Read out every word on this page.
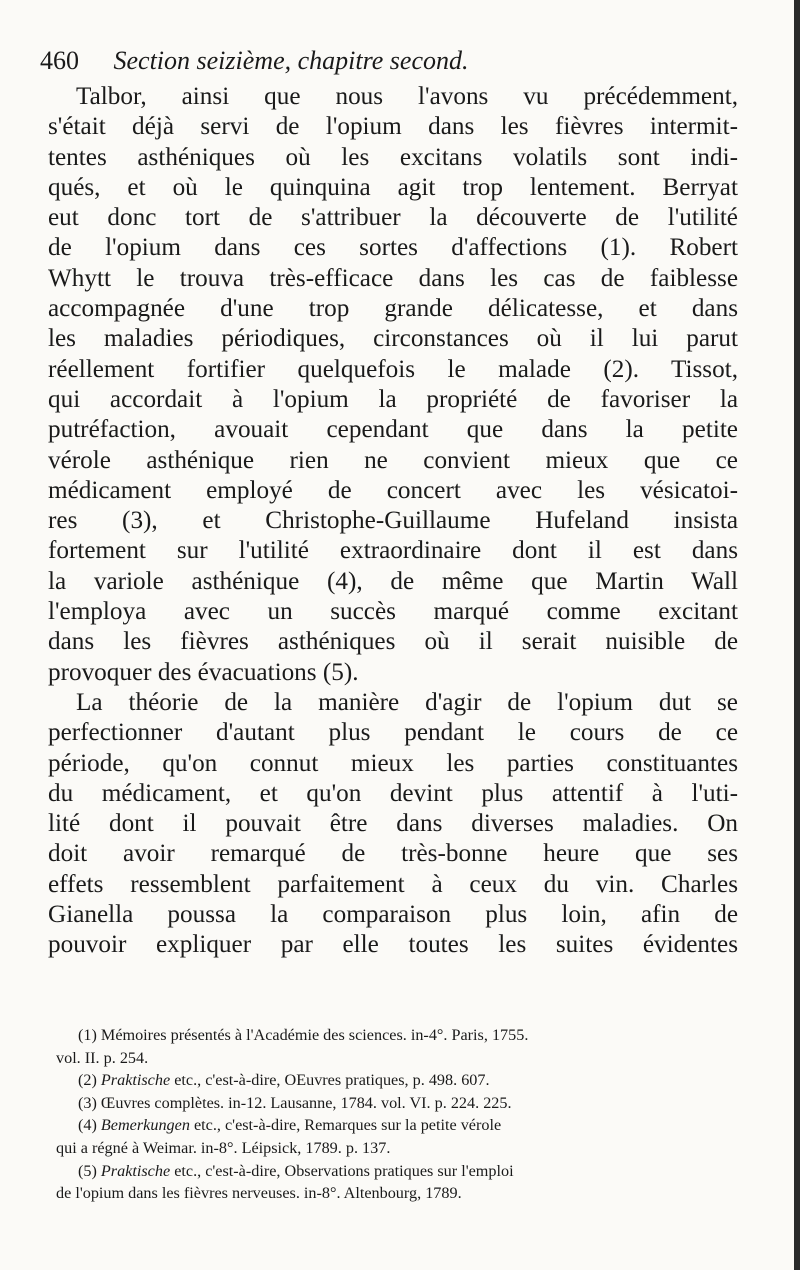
460 Section seizième, chapitre second.
Talbor, ainsi que nous l'avons vu précédemment,
s'était déjà servi de l'opium dans les fièvres intermit-
tentes asthéniques où les excitans volatils sont indi-
qués, et où le quinquina agit trop lentement. Berryat
eut donc tort de s'attribuer la découverte de l'utilité
de l'opium dans ces sortes d'affections (1). Robert
Whytt le trouva très-efficace dans les cas de faiblesse
accompagnée d'une trop grande délicatesse, et dans
les maladies périodiques, circonstances où il lui parut
réellement fortifier quelquefois le malade (2). Tissot,
qui accordait à l'opium la propriété de favoriser la
putréfaction, avouait cependant que dans la petite
vérole asthénique rien ne convient mieux que ce
médicament employé de concert avec les vésicatoi-
res (3), et Christophe-Guillaume Hufeland insista
fortement sur l'utilité extraordinaire dont il est dans
la variole asthénique (4), de même que Martin Wall
l'employa avec un succès marqué comme excitant
dans les fièvres asthéniques où il serait nuisible de
provoquer des évacuations (5).
La théorie de la manière d'agir de l'opium dut se
perfectionner d'autant plus pendant le cours de ce
période, qu'on connut mieux les parties constituantes
du médicament, et qu'on devint plus attentif à l'uti-
lité dont il pouvait être dans diverses maladies. On
doit avoir remarqué de très-bonne heure que ses
effets ressemblent parfaitement à ceux du vin. Charles
Gianella poussa la comparaison plus loin, afin de
pouvoir expliquer par elle toutes les suites évidentes
(1) Mémoires présentés à l'Académie des sciences. in-4°. Paris, 1755.
vol. II. p. 254.
(2) Praktische etc., c'est-à-dire, OEuvres pratiques, p. 498. 607.
(3) Œuvres complètes. in-12. Lausanne, 1784. vol. VI. p. 224. 225.
(4) Bemerkungen etc., c'est-à-dire, Remarques sur la petite vérole
qui a régné à Weimar. in-8°. Léipsick, 1789. p. 137.
(5) Praktische etc., c'est-à-dire, Observations pratiques sur l'emploi
de l'opium dans les fièvres nerveuses. in-8°. Altenbourg, 1789.
